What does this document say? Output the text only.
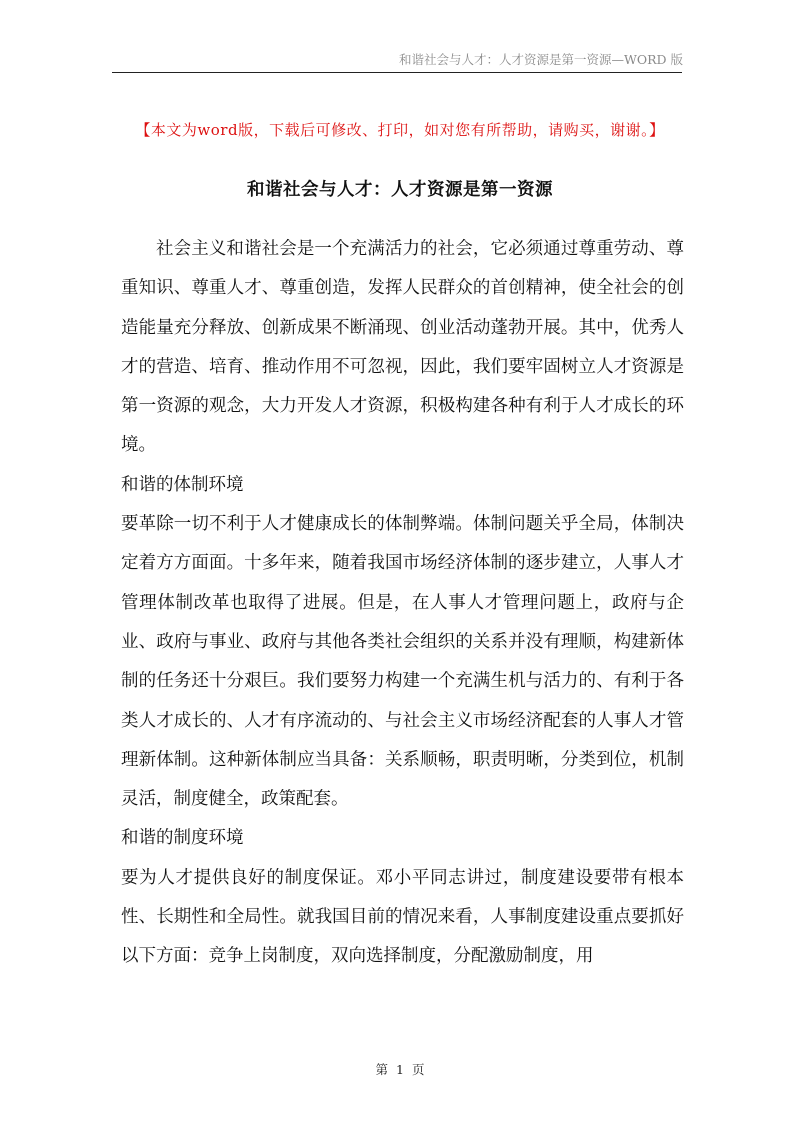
和谐社会与人才：人才资源是第一资源—WORD 版
【本文为word版，下载后可修改、打印，如对您有所帮助，请购买，谢谢。】
和谐社会与人才：人才资源是第一资源

社会主义和谐社会是一个充满活力的社会，它必须通过尊重劳动、尊重知识、尊重人才、尊重创造，发挥人民群众的首创精神，使全社会的创造能量充分释放、创新成果不断涌现、创业活动蓬勃开展。其中，优秀人才的营造、培育、推动作用不可忽视，因此，我们要牢固树立人才资源是第一资源的观念，大力开发人才资源，积极构建各种有利于人才成长的环境。

和谐的体制环境

要革除一切不利于人才健康成长的体制弊端。体制问题关乎全局，体制决定着方方面面。十多年来，随着我国市场经济体制的逐步建立，人事人才管理体制改革也取得了进展。但是，在人事人才管理问题上，政府与企业、政府与事业、政府与其他各类社会组织的关系并没有理顺，构建新体制的任务还十分艰巨。我们要努力构建一个充满生机与活力的、有利于各类人才成长的、人才有序流动的、与社会主义市场经济配套的人事人才管理新体制。这种新体制应当具备：关系顺畅，职责明晰，分类到位，机制灵活，制度健全，政策配套。

和谐的制度环境

要为人才提供良好的制度保证。邓小平同志讲过，制度建设要带有根本性、长期性和全局性。就我国目前的情况来看，人事制度建设重点要抓好以下方面：竞争上岗制度，双向选择制度，分配激励制度，用

第 1 页
